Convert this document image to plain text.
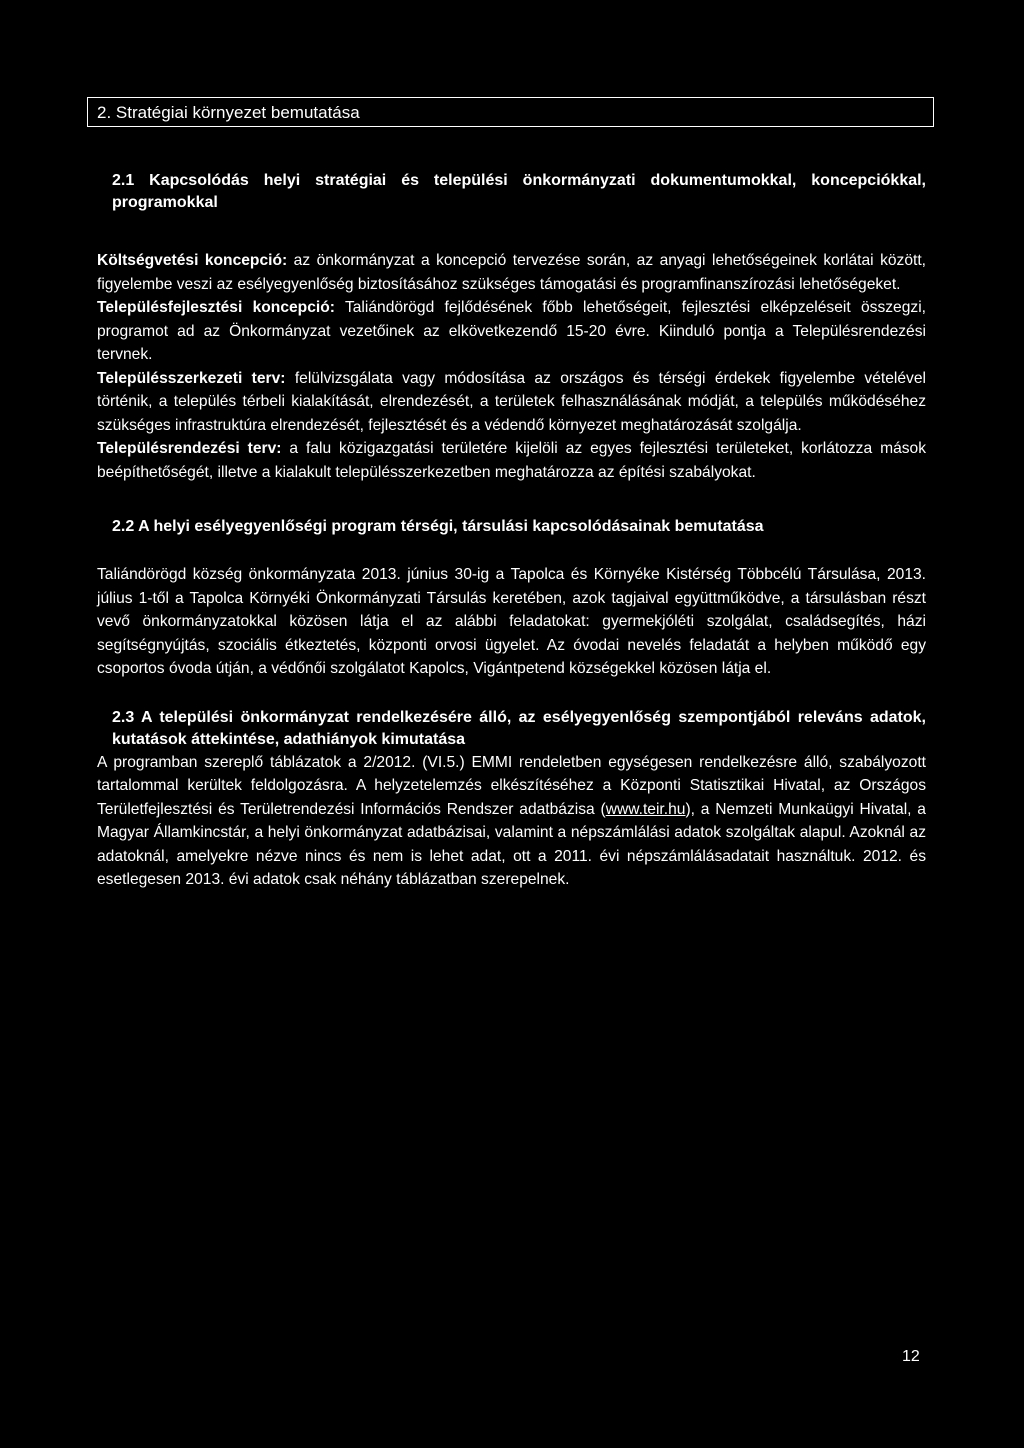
2. Stratégiai környezet bemutatása
2.1 Kapcsolódás helyi stratégiai és települési önkormányzati dokumentumokkal, koncepciókkal, programokkal

Költségvetési koncepció: az önkormányzat a koncepció tervezése során, az anyagi lehetőségeinek korlátai között, figyelembe veszi az esélyegyenlőség biztosításához szükséges támogatási és programfinanszírozási lehetőségeket.

Településfejlesztési koncepció: Taliándörögd fejlődésének főbb lehetőségeit, fejlesztési elképzeléseit összegzi, programot ad az Önkormányzat vezetőinek az elkövetkezendő 15-20 évre. Kiinduló pontja a Településrendezési tervnek.

Településszerkezeti terv: felülvizsgálata vagy módosítása az országos és térségi érdekek figyelembe vételével történik, a település térbeli kialakítását, elrendezését, a területek felhasználásának módját, a település működéséhez szükséges infrastruktúra elrendezését, fejlesztését és a védendő környezet meghatározását szolgálja.

Településrendezési terv: a falu közigazgatási területére kijelöli az egyes fejlesztési területeket, korlátozza mások beépíthetőségét, illetve a kialakult településszerkezetben meghatározza az építési szabályokat.

2.2 A helyi esélyegyenlőségi program térségi, társulási kapcsolódásainak bemutatása

Taliándörögd község önkormányzata 2013. június 30-ig a Tapolca és Környéke Kistérség Többcélú Társulása, 2013. július 1-től a Tapolca Környéki Önkormányzati Társulás keretében, azok tagjaival együttműködve, a társulásban részt vevő önkormányzatokkal közösen látja el az alábbi feladatokat: gyermekjóléti szolgálat, családsegítés, házi segítségnyújtás, szociális étkeztetés, központi orvosi ügyelet. Az óvodai nevelés feladatát a helyben működő egy csoportos óvoda útján, a védőnői szolgálatot Kapolcs, Vigántpetend községekkel közösen látja el.

2.3 A települési önkormányzat rendelkezésére álló, az esélyegyenlőség szempontjából releváns adatok, kutatások áttekintése, adathiányok kimutatása

A programban szereplő táblázatok a 2/2012. (VI.5.) EMMI rendeletben egységesen rendelkezésre álló, szabályozott tartalommal kerültek feldolgozásra. A helyzetelemzés elkészítéséhez a Központi Statisztikai Hivatal, az Országos Területfejlesztési és Területrendezési Információs Rendszer adatbázisa (www.teir.hu), a Nemzeti Munkaügyi Hivatal, a Magyar Államkincstár, a helyi önkormányzat adatbázisai, valamint a népszámlálási adatok szolgáltak alapul. Azoknál az adatoknál, amelyekre nézve nincs és nem is lehet adat, ott a 2011. évi népszámlálásadatait használtuk. 2012. és esetlegesen 2013. évi adatok csak néhány táblázatban szerepelnek.

12
